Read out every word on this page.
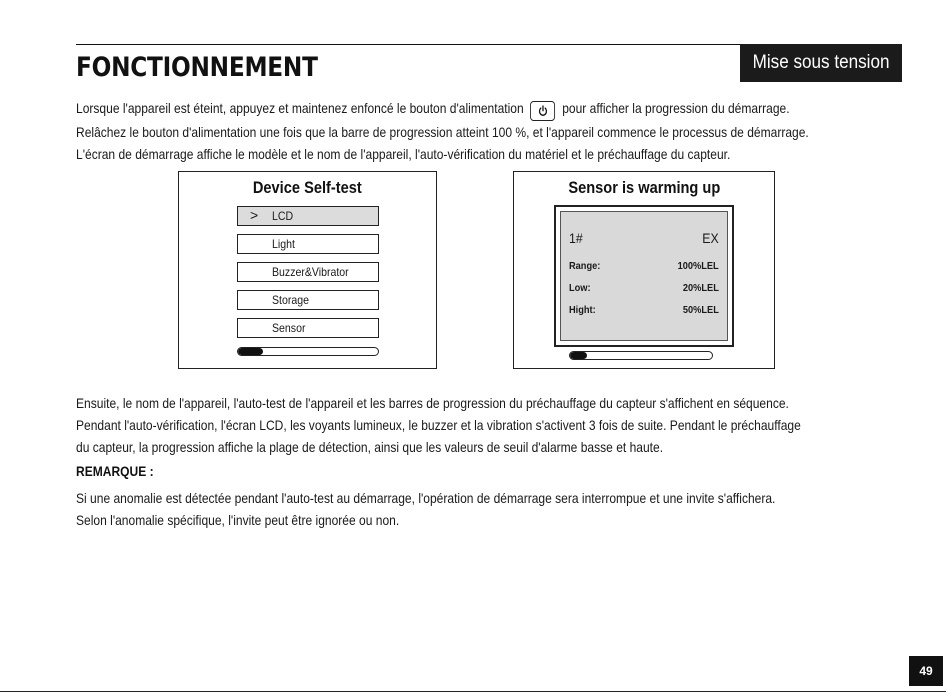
FONCTIONNEMENT	Mise sous tension
Lorsque l'appareil est éteint, appuyez et maintenez enfoncé le bouton d'alimentation	pour afficher la progression du démarrage.
Relâchez le bouton d'alimentation une fois que la barre de progression atteint 100 %, et l'appareil commence le processus de démarrage.
L'écran de démarrage affiche le modèle et le nom de l'appareil, l'auto-vérification du matériel et le préchauffage du capteur.
Device Self-test
> LCD
Light
Buzzer&Vibrator
Storage
Sensor
Sensor is warming up
1#	EX
Range:	100%LEL
Low:	20%LEL
Hight:	50%LEL
Ensuite, le nom de l'appareil, l'auto-test de l'appareil et les barres de progression du préchauffage du capteur s'affichent en séquence.
Pendant l'auto-vérification, l'écran LCD, les voyants lumineux, le buzzer et la vibration s'activent 3 fois de suite. Pendant le préchauffage
du capteur, la progression affiche la plage de détection, ainsi que les valeurs de seuil d'alarme basse et haute.
REMARQUE :
Si une anomalie est détectée pendant l'auto-test au démarrage, l'opération de démarrage sera interrompue et une invite s'affichera.
Selon l'anomalie spécifique, l'invite peut être ignorée ou non.
49
